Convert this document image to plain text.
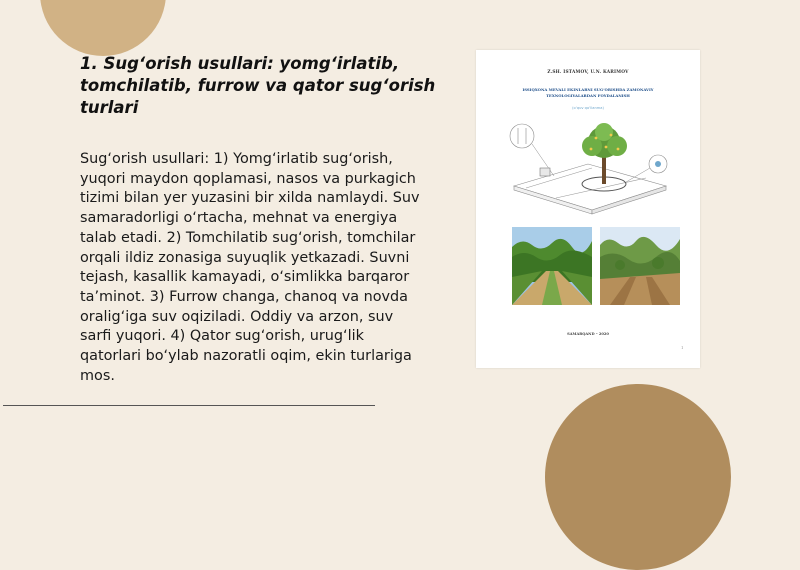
1. Sug‘orish usullari: yomg‘irlatib, tomchilatib, furrow va qator sug‘orish turlari

Sug‘orish usullari: 1) Yomg‘irlatib sug‘orish, yuqori maydon qoplamasi, nasos va purkagich tizimi bilan yer yuzasini bir xilda namlaydi. Suv samaradorligi o‘rtacha, mehnat va energiya talab etadi. 2) Tomchilatib sug‘orish, tomchilar orqali ildiz zonasiga suyuqlik yetkazadi. Suvni tejash, kasallik kamayadi, o‘simlikka barqaror ta’minot. 3) Furrow changa, chanoq va novda oralig‘iga suv oqiziladi. Oddiy va arzon, suv sarfi yuqori. 4) Qator sug‘orish, urug‘lik qatorlari bo‘ylab nazoratli oqim, ekin turlariga mos.

Z.SH. ISTAMOV, U.N. KARIMOV
ISSIQXONA MEVALI EKINLARNI SUG‘ORISHDA ZAMONAVIY TEXNOLOGIYALARDAN FOYDALANISH
(o‘quv qo‘llanma)
SAMARQAND – 2020
1
